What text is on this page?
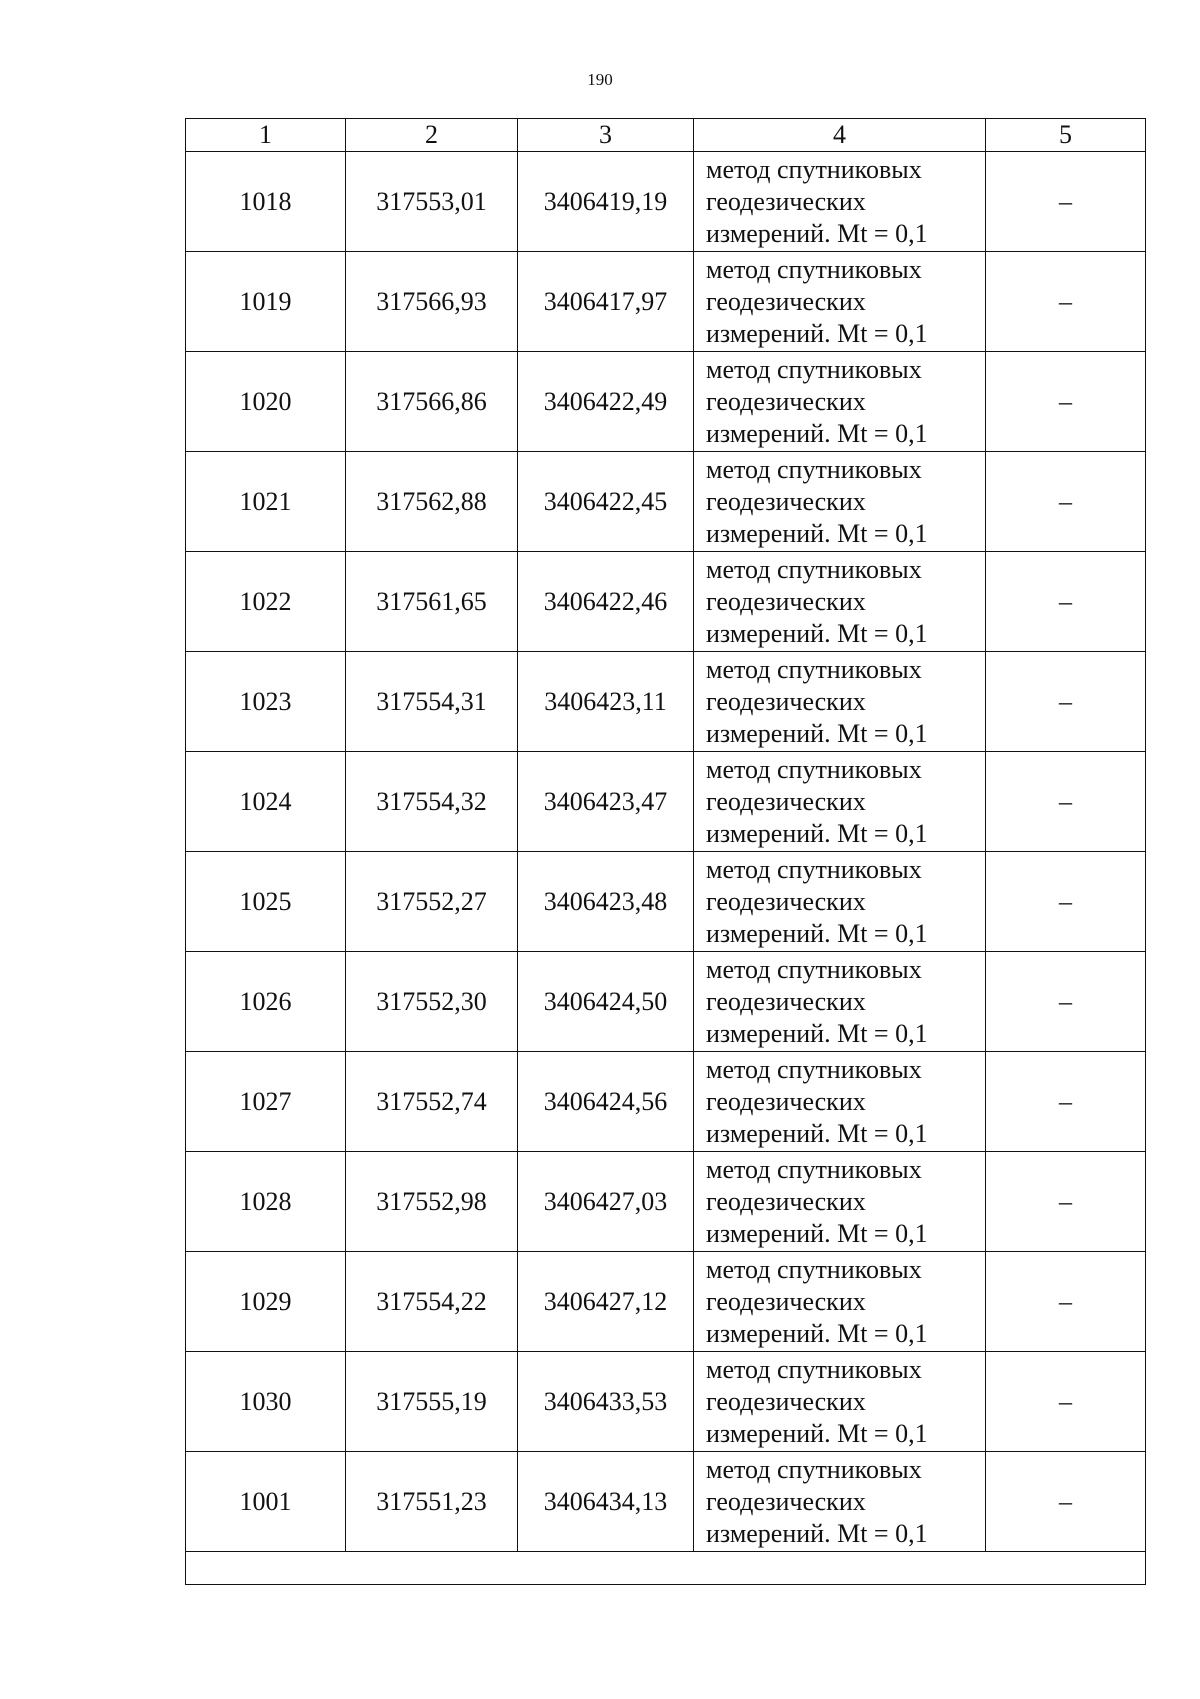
190
1	2	3	4	5
1018	317553,01	3406419,19	метод спутниковых
геодезических
измерений. Mt = 0,1	–
1019	317566,93	3406417,97	метод спутниковых
геодезических
измерений. Mt = 0,1	–
1020	317566,86	3406422,49	метод спутниковых
геодезических
измерений. Mt = 0,1	–
1021	317562,88	3406422,45	метод спутниковых
геодезических
измерений. Mt = 0,1	–
1022	317561,65	3406422,46	метод спутниковых
геодезических
измерений. Mt = 0,1	–
1023	317554,31	3406423,11	метод спутниковых
геодезических
измерений. Mt = 0,1	–
1024	317554,32	3406423,47	метод спутниковых
геодезических
измерений. Mt = 0,1	–
1025	317552,27	3406423,48	метод спутниковых
геодезических
измерений. Mt = 0,1	–
1026	317552,30	3406424,50	метод спутниковых
геодезических
измерений. Mt = 0,1	–
1027	317552,74	3406424,56	метод спутниковых
геодезических
измерений. Mt = 0,1	–
1028	317552,98	3406427,03	метод спутниковых
геодезических
измерений. Mt = 0,1	–
1029	317554,22	3406427,12	метод спутниковых
геодезических
измерений. Mt = 0,1	–
1030	317555,19	3406433,53	метод спутниковых
геодезических
измерений. Mt = 0,1	–
1001	317551,23	3406434,13	метод спутниковых
геодезических
измерений. Mt = 0,1	–
